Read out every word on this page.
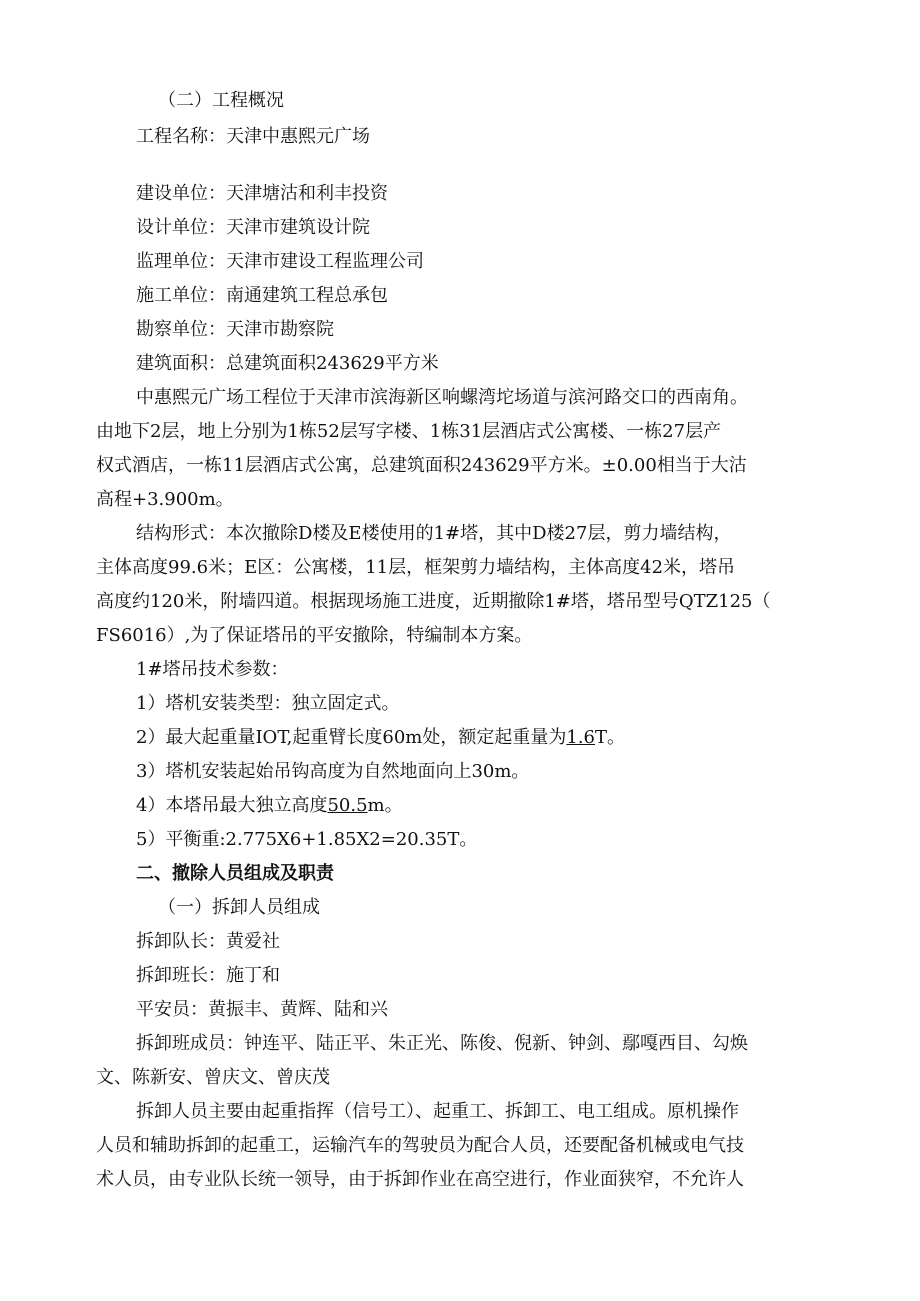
（二）工程概况
工程名称：天津中惠熙元广场
建设单位：天津塘沽和利丰投资
设计单位：天津市建筑设计院
监理单位：天津市建设工程监理公司
施工单位：南通建筑工程总承包
勘察单位：天津市勘察院
建筑面积：总建筑面积243629平方米
中惠熙元广场工程位于天津市滨海新区响螺湾坨场道与滨河路交口的西南角。
由地下2层，地上分别为1栋52层写字楼、1栋31层酒店式公寓楼、一栋27层产
权式酒店，一栋11层酒店式公寓，总建筑面积243629平方米。±0.00相当于大沽
高程+3.900m。
结构形式：本次撤除D楼及E楼使用的1#塔，其中D楼27层，剪力墙结构，
主体高度99.6米；E区：公寓楼，11层，框架剪力墙结构，主体高度42米，塔吊
高度约120米，附墙四道。根据现场施工进度，近期撤除1#塔，塔吊型号QTZ125（
FS6016）,为了保证塔吊的平安撤除，特编制本方案。
1#塔吊技术参数：
1）塔机安装类型：独立固定式。
2）最大起重量IOT,起重臂长度60m处，额定起重量为1.6T。
3）塔机安装起始吊钩高度为自然地面向上30m。
4）本塔吊最大独立高度50.5m。
5）平衡重:2.775X6+1.85X2=20.35T。
二、撤除人员组成及职责
（一）拆卸人员组成
拆卸队长：黄爱社
拆卸班长：施丁和
平安员：黄振丰、黄辉、陆和兴
拆卸班成员：钟连平、陆正平、朱正光、陈俊、倪新、钟剑、鄢嘎西目、勾焕
文、陈新安、曾庆文、曾庆茂
拆卸人员主要由起重指挥（信号工）、起重工、拆卸工、电工组成。原机操作
人员和辅助拆卸的起重工，运输汽车的驾驶员为配合人员，还要配备机械或电气技
术人员，由专业队长统一领导，由于拆卸作业在高空进行，作业面狭窄，不允许人
